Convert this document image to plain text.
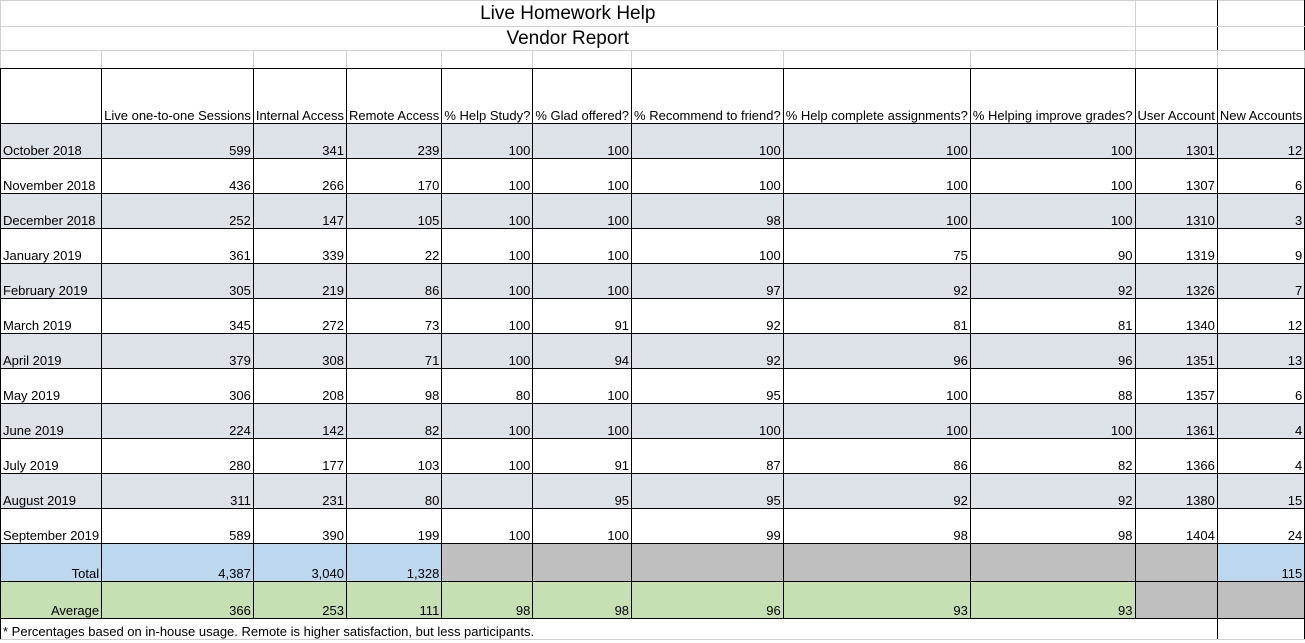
Live Homework Help										
Vendor Report										

	Live one-to-one Sessions	Internal Access	Remote Access	% Help Study?	% Glad offered?	% Recommend to friend?	% Help complete assignments?	% Helping improve grades?	User Account	New Accounts
October 2018	599	341	239	100	100	100	100	100	1301	12
November 2018	436	266	170	100	100	100	100	100	1307	6
December 2018	252	147	105	100	100	98	100	100	1310	3
January 2019	361	339	22	100	100	100	75	90	1319	9
February 2019	305	219	86	100	100	97	92	92	1326	7
March 2019	345	272	73	100	91	92	81	81	1340	12
April 2019	379	308	71	100	94	92	96	96	1351	13
May 2019	306	208	98	80	100	95	100	88	1357	6
June 2019	224	142	82	100	100	100	100	100	1361	4
July 2019	280	177	103	100	91	87	86	82	1366	4
August 2019	311	231	80		95	95	92	92	1380	15
September 2019	589	390	199	100	100	99	98	98	1404	24
Total	4,387	3,040	1,328							115
Average	366	253	111	98	98	96	93	93		
* Percentages based on in-house usage. Remote is higher satisfaction, but less participants.										
